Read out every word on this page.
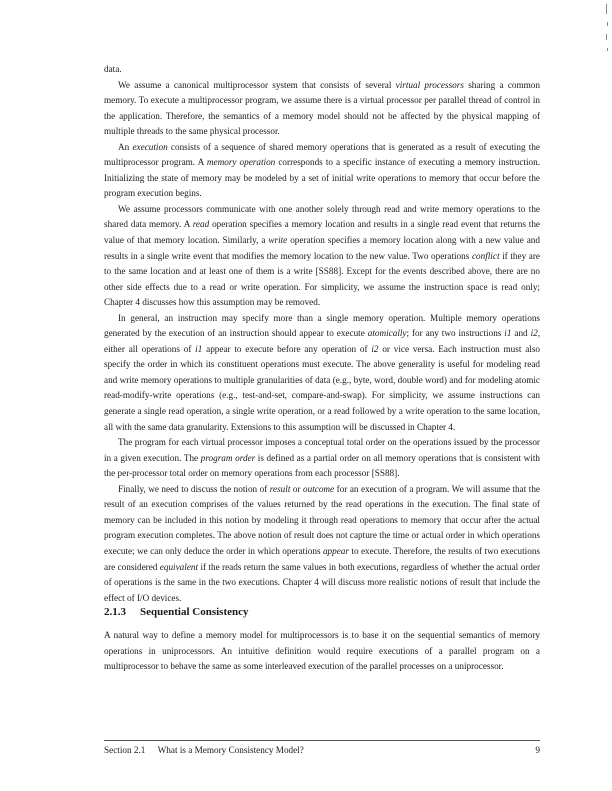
data.

We assume a canonical multiprocessor system that consists of several virtual processors sharing a common memory. To execute a multiprocessor program, we assume there is a virtual processor per parallel thread of control in the application. Therefore, the semantics of a memory model should not be affected by the physical mapping of multiple threads to the same physical processor.

An execution consists of a sequence of shared memory operations that is generated as a result of executing the multiprocessor program. A memory operation corresponds to a specific instance of executing a memory instruction. Initializing the state of memory may be modeled by a set of initial write operations to memory that occur before the program execution begins.

We assume processors communicate with one another solely through read and write memory operations to the shared data memory. A read operation specifies a memory location and results in a single read event that returns the value of that memory location. Similarly, a write operation specifies a memory location along with a new value and results in a single write event that modifies the memory location to the new value. Two operations conflict if they are to the same location and at least one of them is a write [SS88]. Except for the events described above, there are no other side effects due to a read or write operation. For simplicity, we assume the instruction space is read only; Chapter 4 discusses how this assumption may be removed.

In general, an instruction may specify more than a single memory operation. Multiple memory operations generated by the execution of an instruction should appear to execute atomically; for any two instructions i1 and i2, either all operations of i1 appear to execute before any operation of i2 or vice versa. Each instruction must also specify the order in which its constituent operations must execute. The above generality is useful for modeling read and write memory operations to multiple granularities of data (e.g., byte, word, double word) and for modeling atomic read-modify-write operations (e.g., test-and-set, compare-and-swap). For simplicity, we assume instructions can generate a single read operation, a single write operation, or a read followed by a write operation to the same location, all with the same data granularity. Extensions to this assumption will be discussed in Chapter 4.

The program for each virtual processor imposes a conceptual total order on the operations issued by the processor in a given execution. The program order is defined as a partial order on all memory operations that is consistent with the per-processor total order on memory operations from each processor [SS88].

Finally, we need to discuss the notion of result or outcome for an execution of a program. We will assume that the result of an execution comprises of the values returned by the read operations in the execution. The final state of memory can be included in this notion by modeling it through read operations to memory that occur after the actual program execution completes. The above notion of result does not capture the time or actual order in which operations execute; we can only deduce the order in which operations appear to execute. Therefore, the results of two executions are considered equivalent if the reads return the same values in both executions, regardless of whether the actual order of operations is the same in the two executions. Chapter 4 will discuss more realistic notions of result that include the effect of I/O devices.

2.1.3 Sequential Consistency
A natural way to define a memory model for multiprocessors is to base it on the sequential semantics of memory operations in uniprocessors. An intuitive definition would require executions of a parallel program on a multiprocessor to behave the same as some interleaved execution of the parallel processes on a uniprocessor.
Section 2.1 What is a Memory Consistency Model?	9
